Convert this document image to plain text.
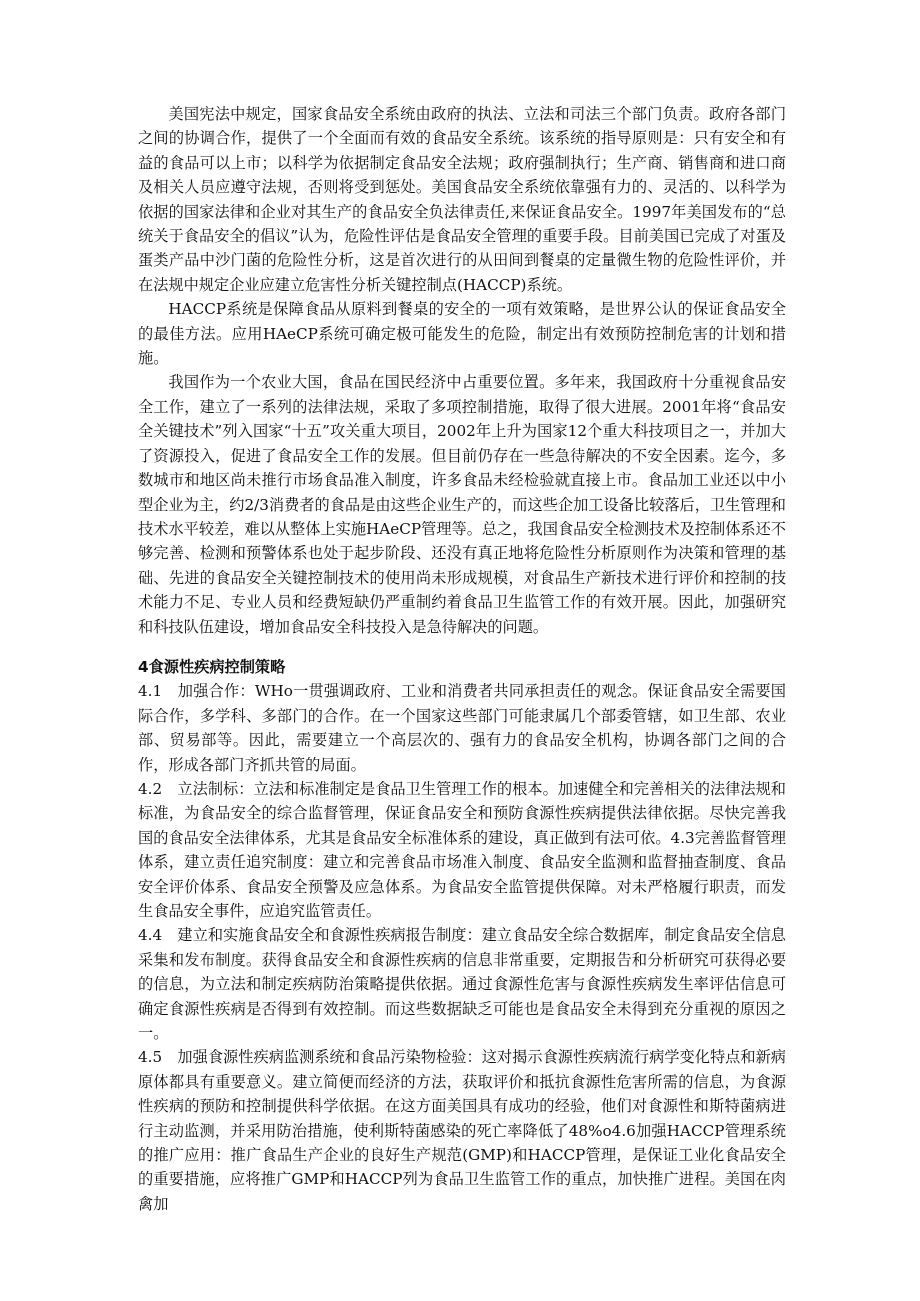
美国宪法中规定，国家食品安全系统由政府的执法、立法和司法三个部门负责。政府各部门之间的协调合作，提供了一个全面而有效的食品安全系统。该系统的指导原则是：只有安全和有益的食品可以上市；以科学为依据制定食品安全法规；政府强制执行；生产商、销售商和进口商及相关人员应遵守法规，否则将受到惩处。美国食品安全系统依靠强有力的、灵活的、以科学为依据的国家法律和企业对其生产的食品安全负法律责任,来保证食品安全。1997年美国发布的“总统关于食品安全的倡议”认为，危险性评估是食品安全管理的重要手段。目前美国已完成了对蛋及蛋类产品中沙门菌的危险性分析，这是首次进行的从田间到餐桌的定量微生物的危险性评价，并在法规中规定企业应建立危害性分析关键控制点(HACCP)系统。

HACCP系统是保障食品从原料到餐桌的安全的一项有效策略，是世界公认的保证食品安全的最佳方法。应用HAeCP系统可确定极可能发生的危险，制定出有效预防控制危害的计划和措施。

我国作为一个农业大国，食品在国民经济中占重要位置。多年来，我国政府十分重视食品安全工作，建立了一系列的法律法规，采取了多项控制措施，取得了很大进展。2001年将“食品安全关键技术”列入国家“十五”攻关重大项目，2002年上升为国家12个重大科技项目之一，并加大了资源投入，促进了食品安全工作的发展。但目前仍存在一些急待解决的不安全因素。迄今，多数城市和地区尚未推行市场食品准入制度，许多食品未经检验就直接上市。食品加工业还以中小型企业为主，约2/3消费者的食品是由这些企业生产的，而这些企加工设备比较落后，卫生管理和技术水平较差，难以从整体上实施HAeCP管理等。总之，我国食品安全检测技术及控制体系还不够完善、检测和预警体系也处于起步阶段、还没有真正地将危险性分析原则作为决策和管理的基础、先进的食品安全关键控制技术的使用尚未形成规模，对食品生产新技术进行评价和控制的技术能力不足、专业人员和经费短缺仍严重制约着食品卫生监管工作的有效开展。因此，加强研究和科技队伍建设，增加食品安全科技投入是急待解决的问题。

4食源性疾病控制策略

4.1　加强合作：WHo一贯强调政府、工业和消费者共同承担责任的观念。保证食品安全需要国际合作，多学科、多部门的合作。在一个国家这些部门可能隶属几个部委管辖，如卫生部、农业部、贸易部等。因此，需要建立一个高层次的、强有力的食品安全机构，协调各部门之间的合作，形成各部门齐抓共管的局面。

4.2　立法制标：立法和标准制定是食品卫生管理工作的根本。加速健全和完善相关的法律法规和标准，为食品安全的综合监督管理，保证食品安全和预防食源性疾病提供法律依据。尽快完善我国的食品安全法律体系，尤其是食品安全标准体系的建设，真正做到有法可依。4.3完善监督管理体系，建立责任追究制度：建立和完善食品市场准入制度、食品安全监测和监督抽查制度、食品安全评价体系、食品安全预警及应急体系。为食品安全监管提供保障。对未严格履行职责，而发生食品安全事件，应追究监管责任。

4.4　建立和实施食品安全和食源性疾病报告制度：建立食品安全综合数据库，制定食品安全信息采集和发布制度。获得食品安全和食源性疾病的信息非常重要，定期报告和分析研究可获得必要的信息，为立法和制定疾病防治策略提供依据。通过食源性危害与食源性疾病发生率评估信息可确定食源性疾病是否得到有效控制。而这些数据缺乏可能也是食品安全未得到充分重视的原因之一。

4.5　加强食源性疾病监测系统和食品污染物检验：这对揭示食源性疾病流行病学变化特点和新病原体都具有重要意义。建立简便而经济的方法，获取评价和抵抗食源性危害所需的信息，为食源性疾病的预防和控制提供科学依据。在这方面美国具有成功的经验，他们对食源性和斯特菌病进行主动监测，并采用防治措施，使利斯特菌感染的死亡率降低了48%o4.6加强HACCP管理系统的推广应用：推广食品生产企业的良好生产规范(GMP)和HACCP管理，是保证工业化食品安全的重要措施，应将推广GMP和HACCP列为食品卫生监管工作的重点，加快推广进程。美国在肉禽加
